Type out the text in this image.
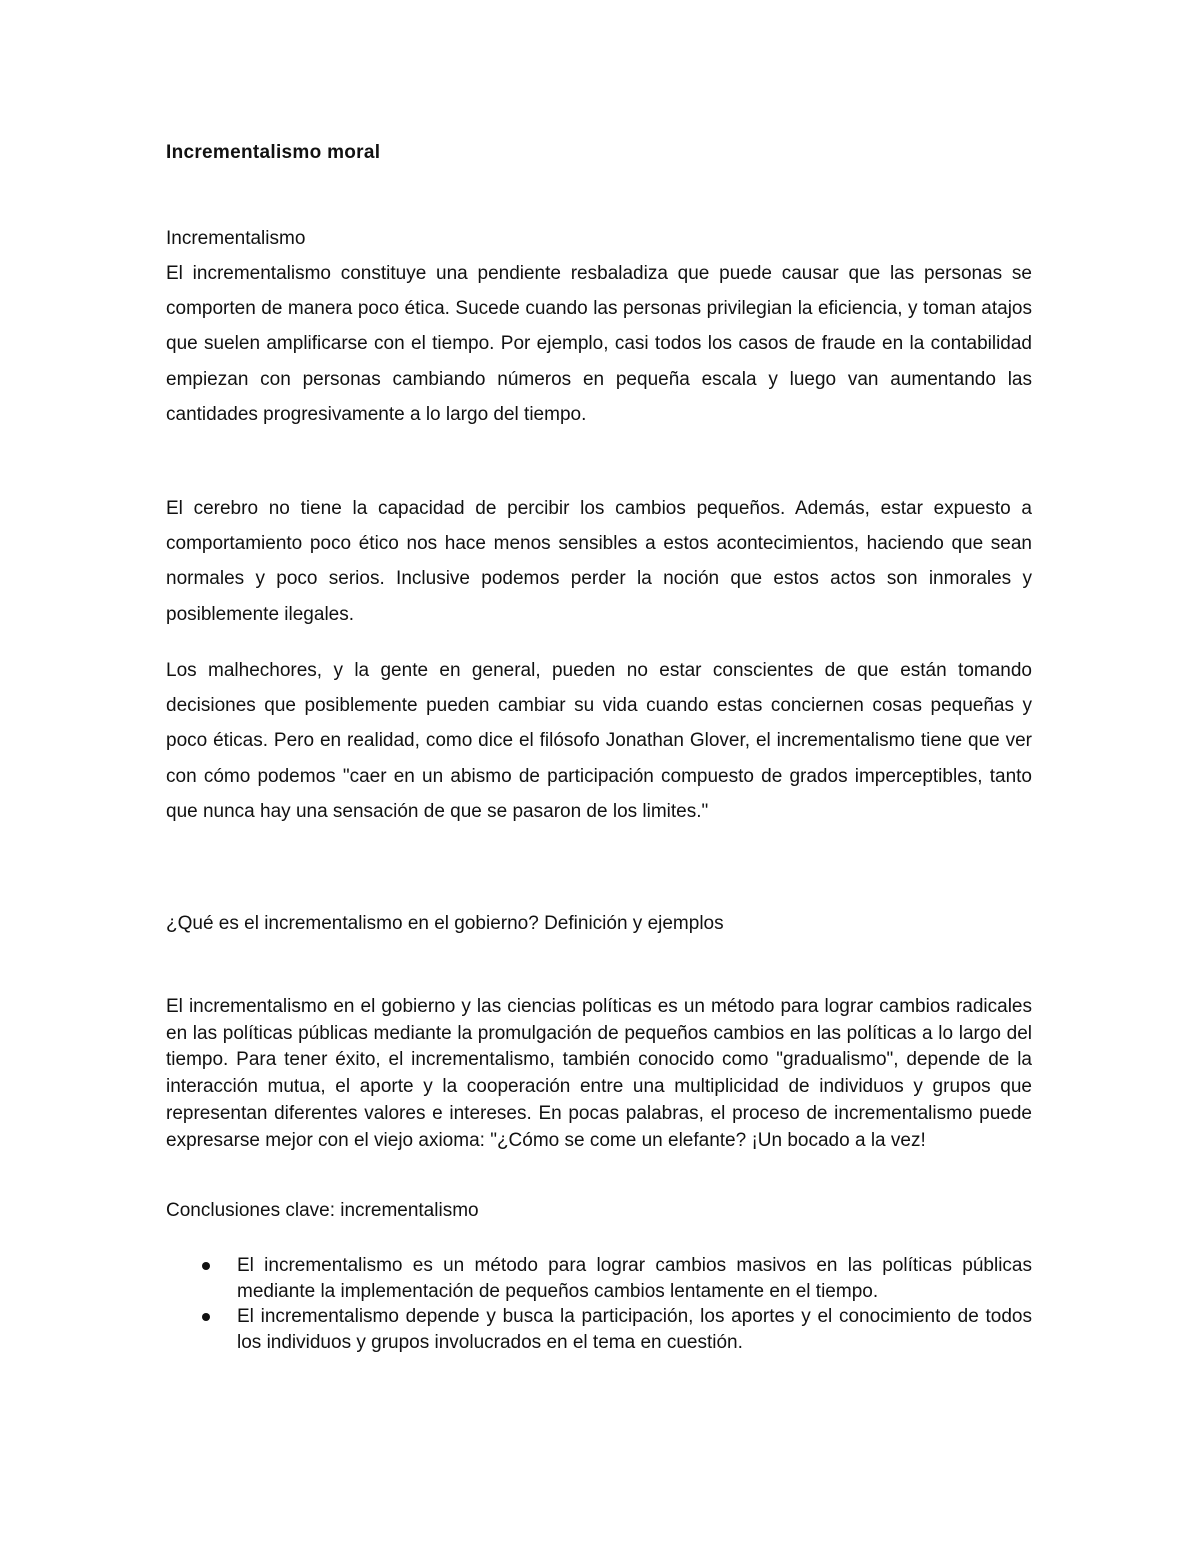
Incrementalismo moral
Incrementalismo

El incrementalismo constituye una pendiente resbaladiza que puede causar que las personas se comporten de manera poco ética. Sucede cuando las personas privilegian la eficiencia, y toman atajos que suelen amplificarse con el tiempo. Por ejemplo, casi todos los casos de fraude en la contabilidad empiezan con personas cambiando números en pequeña escala y luego van aumentando las cantidades progresivamente a lo largo del tiempo.

El cerebro no tiene la capacidad de percibir los cambios pequeños. Además, estar expuesto a comportamiento poco ético nos hace menos sensibles a estos acontecimientos, haciendo que sean normales y poco serios. Inclusive podemos perder la noción que estos actos son inmorales y posiblemente ilegales.

Los malhechores, y la gente en general, pueden no estar conscientes de que están tomando decisiones que posiblemente pueden cambiar su vida cuando estas conciernen cosas pequeñas y poco éticas. Pero en realidad, como dice el filósofo Jonathan Glover, el incrementalismo tiene que ver con cómo podemos "caer en un abismo de participación compuesto de grados imperceptibles, tanto que nunca hay una sensación de que se pasaron de los limites."

¿Qué es el incrementalismo en el gobierno? Definición y ejemplos

El incrementalismo en el gobierno y las ciencias políticas es un método para lograr cambios radicales en las políticas públicas mediante la promulgación de pequeños cambios en las políticas a lo largo del tiempo. Para tener éxito, el incrementalismo, también conocido como "gradualismo", depende de la interacción mutua, el aporte y la cooperación entre una multiplicidad de individuos y grupos que representan diferentes valores e intereses. En pocas palabras, el proceso de incrementalismo puede expresarse mejor con el viejo axioma: "¿Cómo se come un elefante? ¡Un bocado a la vez!

Conclusiones clave: incrementalismo

El incrementalismo es un método para lograr cambios masivos en las políticas públicas mediante la implementación de pequeños cambios lentamente en el tiempo.
El incrementalismo depende y busca la participación, los aportes y el conocimiento de todos los individuos y grupos involucrados en el tema en cuestión.
